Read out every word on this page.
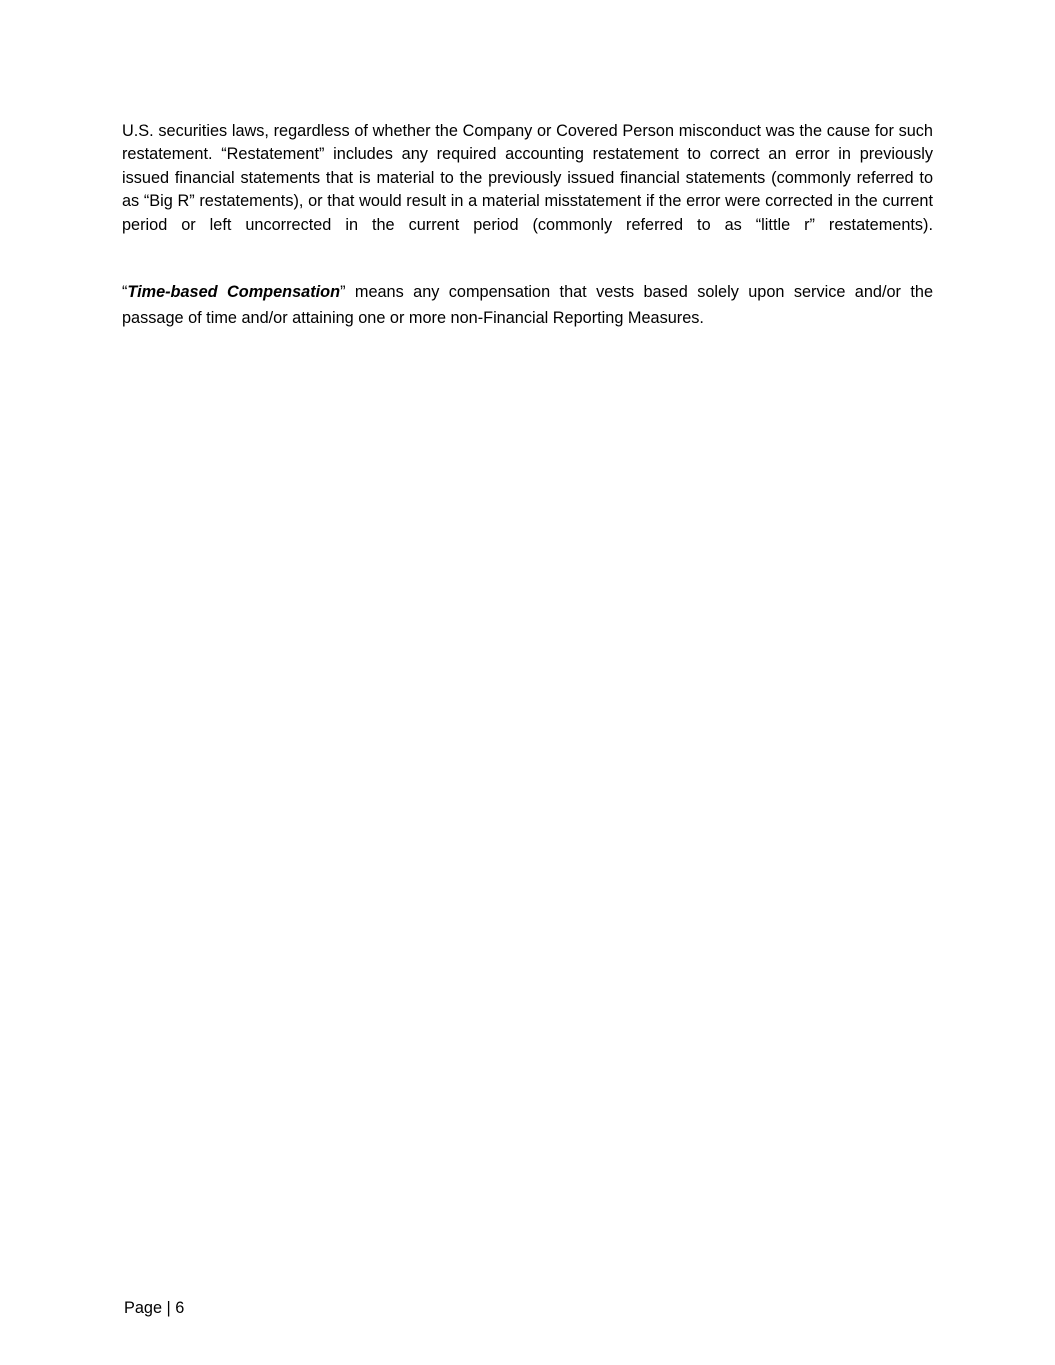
U.S. securities laws, regardless of whether the Company or Covered Person misconduct was the cause for such restatement. “Restatement” includes any required accounting restatement to correct an error in previously issued financial statements that is material to the previously issued financial statements (commonly referred to as “Big R” restatements), or that would result in a material misstatement if the error were corrected in the current period or left uncorrected in the current period (commonly referred to as “little r” restatements).

“Time-based Compensation” means any compensation that vests based solely upon service and/or the passage of time and/or attaining one or more non-Financial Reporting Measures.

Page | 6
